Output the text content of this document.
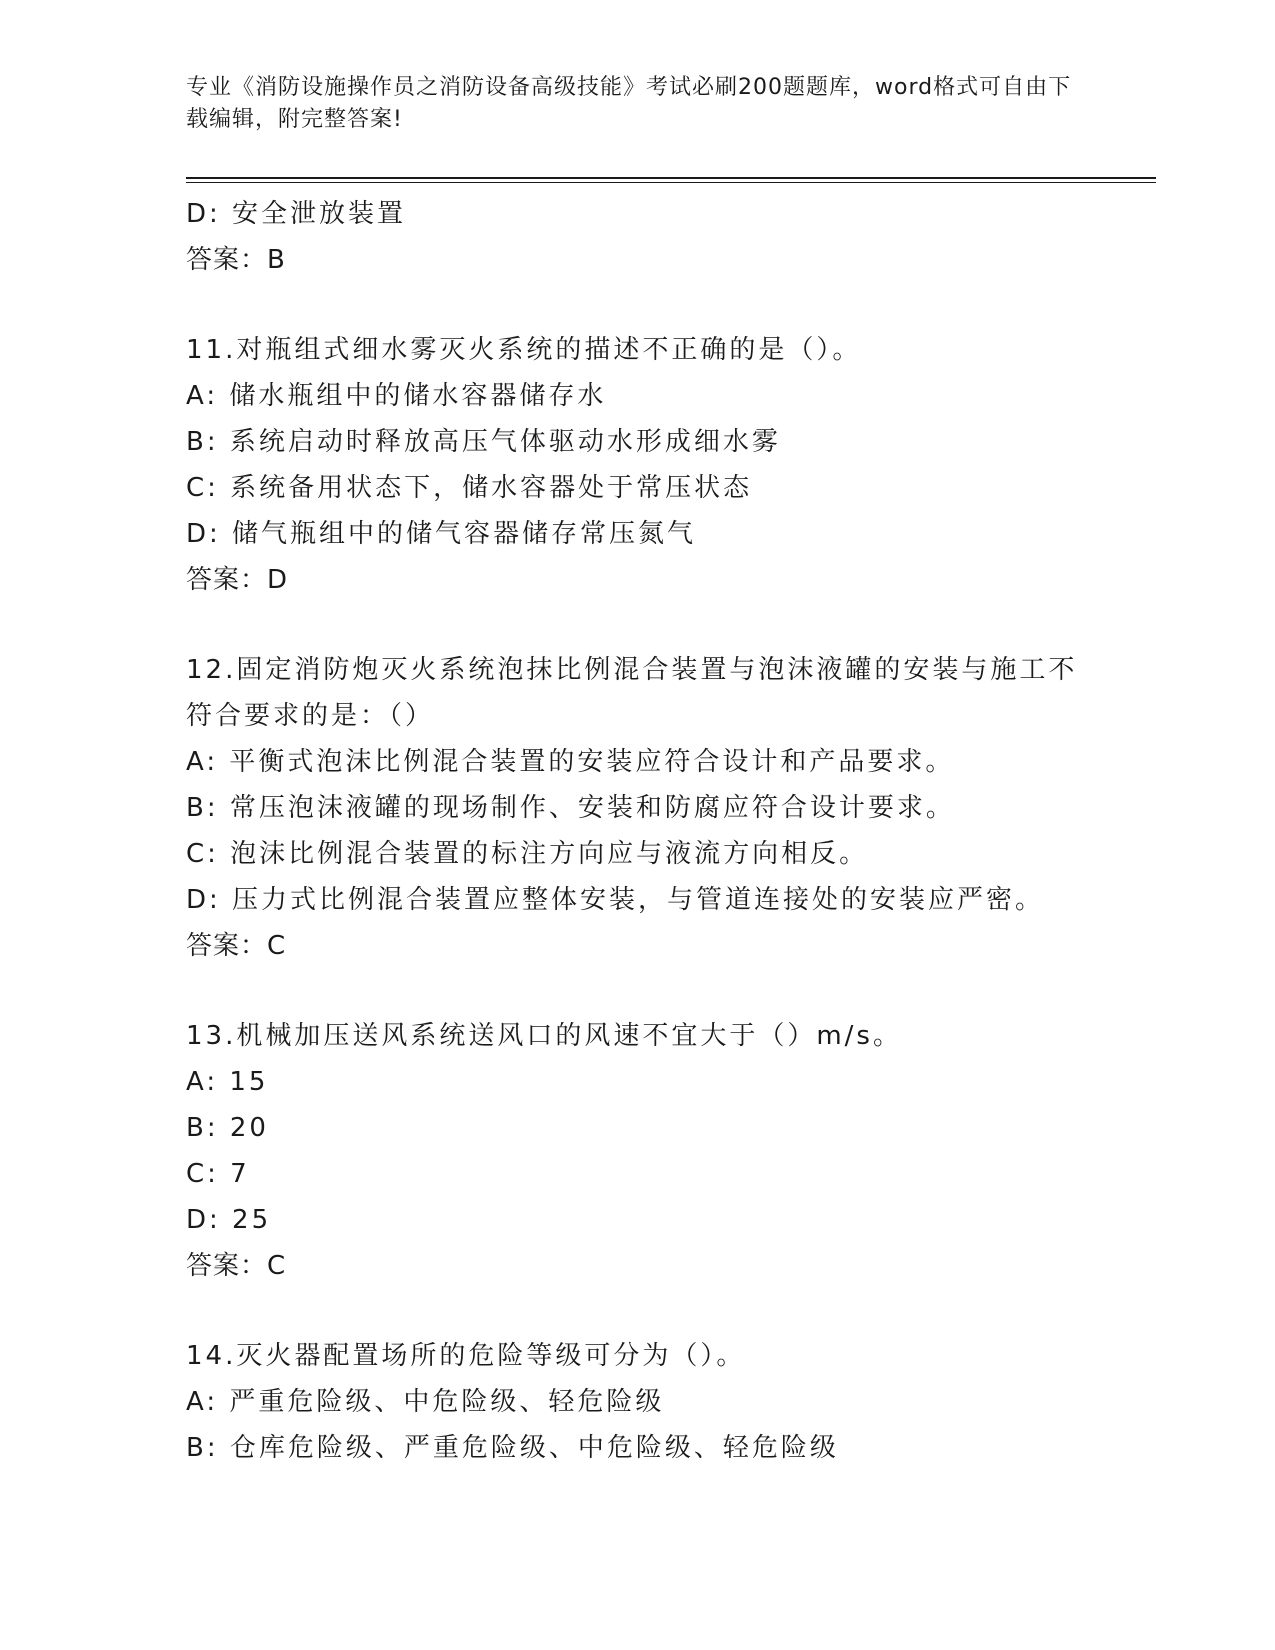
专业《消防设施操作员之消防设备高级技能》考试必刷200题题库，word格式可自由下载编辑，附完整答案!
D: 安全泄放装置
答案：B
11.对瓶组式细水雾灭火系统的描述不正确的是（）。
A: 储水瓶组中的储水容器储存水
B: 系统启动时释放高压气体驱动水形成细水雾
C: 系统备用状态下，储水容器处于常压状态
D: 储气瓶组中的储气容器储存常压氮气
答案：D
12.固定消防炮灭火系统泡抹比例混合装置与泡沫液罐的安装与施工不
符合要求的是：（）
A: 平衡式泡沫比例混合装置的安装应符合设计和产品要求。
B: 常压泡沫液罐的现场制作、安装和防腐应符合设计要求。
C: 泡沫比例混合装置的标注方向应与液流方向相反。
D: 压力式比例混合装置应整体安装，与管道连接处的安装应严密。
答案：C
13.机械加压送风系统送风口的风速不宜大于（）m/s。
A: 15
B: 20
C: 7
D: 25
答案：C
14.灭火器配置场所的危险等级可分为（）。
A: 严重危险级、中危险级、轻危险级
B: 仓库危险级、严重危险级、中危险级、轻危险级
